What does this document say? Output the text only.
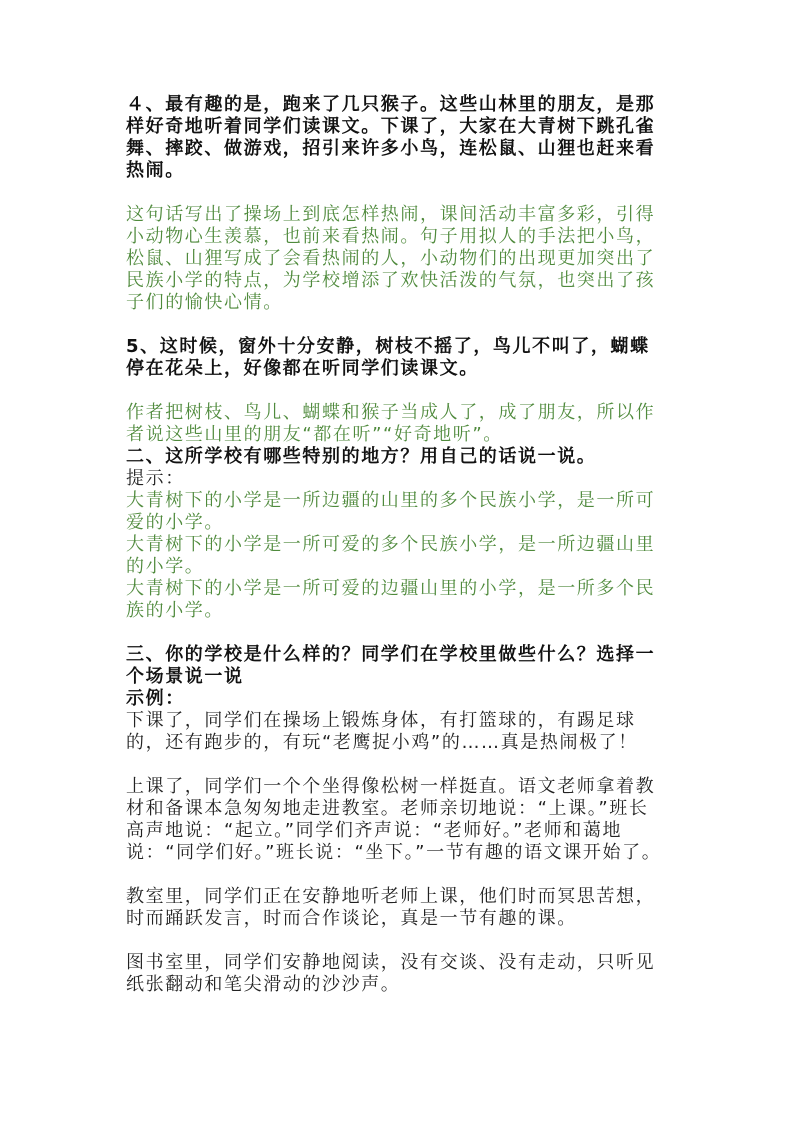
４、最有趣的是，跑来了几只猴子。这些山林里的朋友，是那样好奇地听着同学们读课文。下课了，大家在大青树下跳孔雀舞、摔跤、做游戏，招引来许多小鸟，连松鼠、山狸也赶来看热闹。

这句话写出了操场上到底怎样热闹，课间活动丰富多彩，引得小动物心生羡慕，也前来看热闹。句子用拟人的手法把小鸟，松鼠、山狸写成了会看热闹的人，小动物们的出现更加突出了民族小学的特点，为学校增添了欢快活泼的气氛，也突出了孩子们的愉快心情。

5、这时候，窗外十分安静，树枝不摇了，鸟儿不叫了，蝴蝶停在花朵上，好像都在听同学们读课文。

作者把树枝、鸟儿、蝴蝶和猴子当成人了，成了朋友，所以作者说这些山里的朋友“都在听”“好奇地听”。

二、这所学校有哪些特别的地方？用自己的话说一说。

提示：

大青树下的小学是一所边疆的山里的多个民族小学，是一所可爱的小学。

大青树下的小学是一所可爱的多个民族小学，是一所边疆山里的小学。

大青树下的小学是一所可爱的边疆山里的小学，是一所多个民族的小学。

三、你的学校是什么样的？同学们在学校里做些什么？选择一个场景说一说

示例：

下课了，同学们在操场上锻炼身体，有打篮球的，有踢足球的，还有跑步的，有玩“老鹰捉小鸡”的……真是热闹极了！

上课了，同学们一个个坐得像松树一样挺直。语文老师拿着教材和备课本急匆匆地走进教室。老师亲切地说：“上课。”班长高声地说：“起立。”同学们齐声说：“老师好。”老师和蔼地说：“同学们好。”班长说：“坐下。”一节有趣的语文课开始了。

教室里，同学们正在安静地听老师上课，他们时而冥思苦想，时而踊跃发言，时而合作谈论，真是一节有趣的课。

图书室里，同学们安静地阅读，没有交谈、没有走动，只听见纸张翻动和笔尖滑动的沙沙声。
